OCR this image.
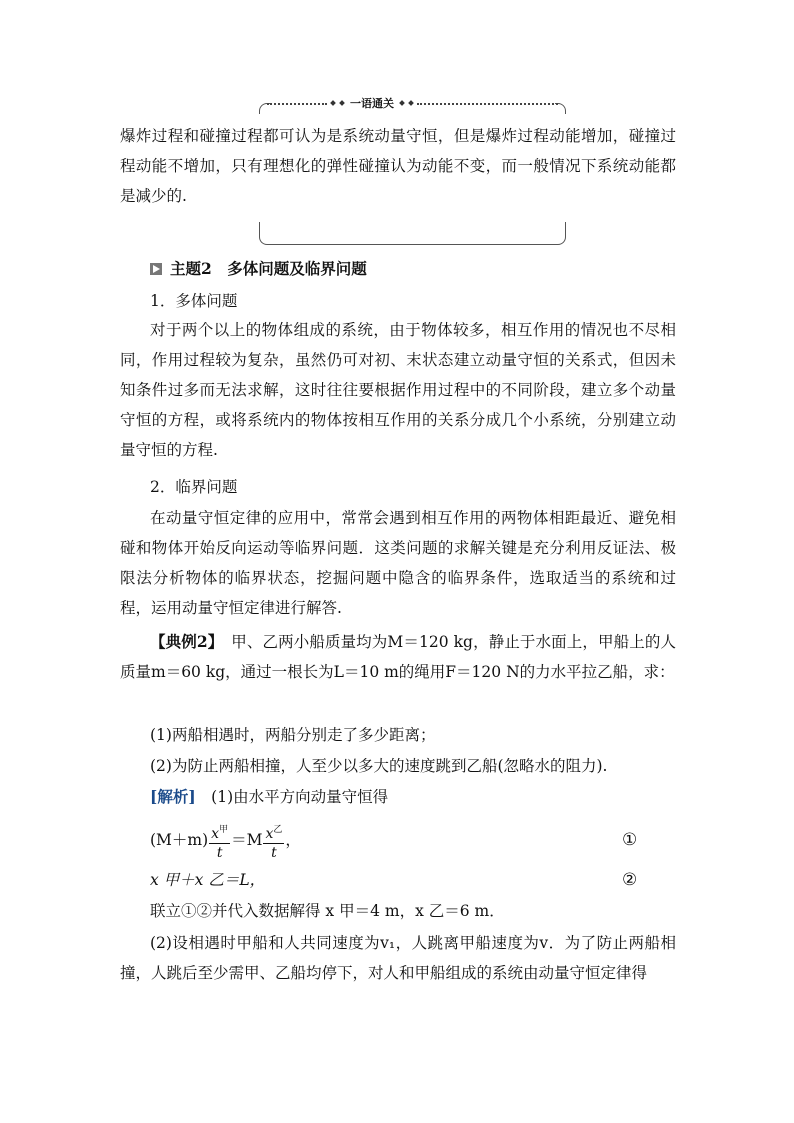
一语通关

爆炸过程和碰撞过程都可认为是系统动量守恒，但是爆炸过程动能增加，碰撞过程动能不增加，只有理想化的弹性碰撞认为动能不变，而一般情况下系统动能都是减少的.

主题2　多体问题及临界问题
1．多体问题

对于两个以上的物体组成的系统，由于物体较多，相互作用的情况也不尽相同，作用过程较为复杂，虽然仍可对初、末状态建立动量守恒的关系式，但因未知条件过多而无法求解，这时往往要根据作用过程中的不同阶段，建立多个动量守恒的方程，或将系统内的物体按相互作用的关系分成几个小系统，分别建立动量守恒的方程.

2．临界问题

在动量守恒定律的应用中，常常会遇到相互作用的两物体相距最近、避免相碰和物体开始反向运动等临界问题．这类问题的求解关键是充分利用反证法、极限法分析物体的临界状态，挖掘问题中隐含的临界条件，选取适当的系统和过程，运用动量守恒定律进行解答.

【典例2】　甲、乙两小船质量均为M＝120 kg，静止于水面上，甲船上的人质量m＝60 kg，通过一根长为L＝10 m的绳用F＝120 N的力水平拉乙船，求：

(1)两船相遇时，两船分别走了多少距离；
(2)为防止两船相撞，人至少以多大的速度跳到乙船(忽略水的阻力).
[解析]　(1)由水平方向动量守恒得
$(M+m) \frac{x^甲}{t} =M \frac{x^乙}{t}$ ，	①
x 甲＋x 乙＝L，	②
联立①②并代入数据解得 x 甲＝4 m，x 乙＝6 m．

(2)设相遇时甲船和人共同速度为v₁，人跳离甲船速度为v．为了防止两船相撞，人跳后至少需甲、乙船均停下，对人和甲船组成的系统由动量守恒定律得
